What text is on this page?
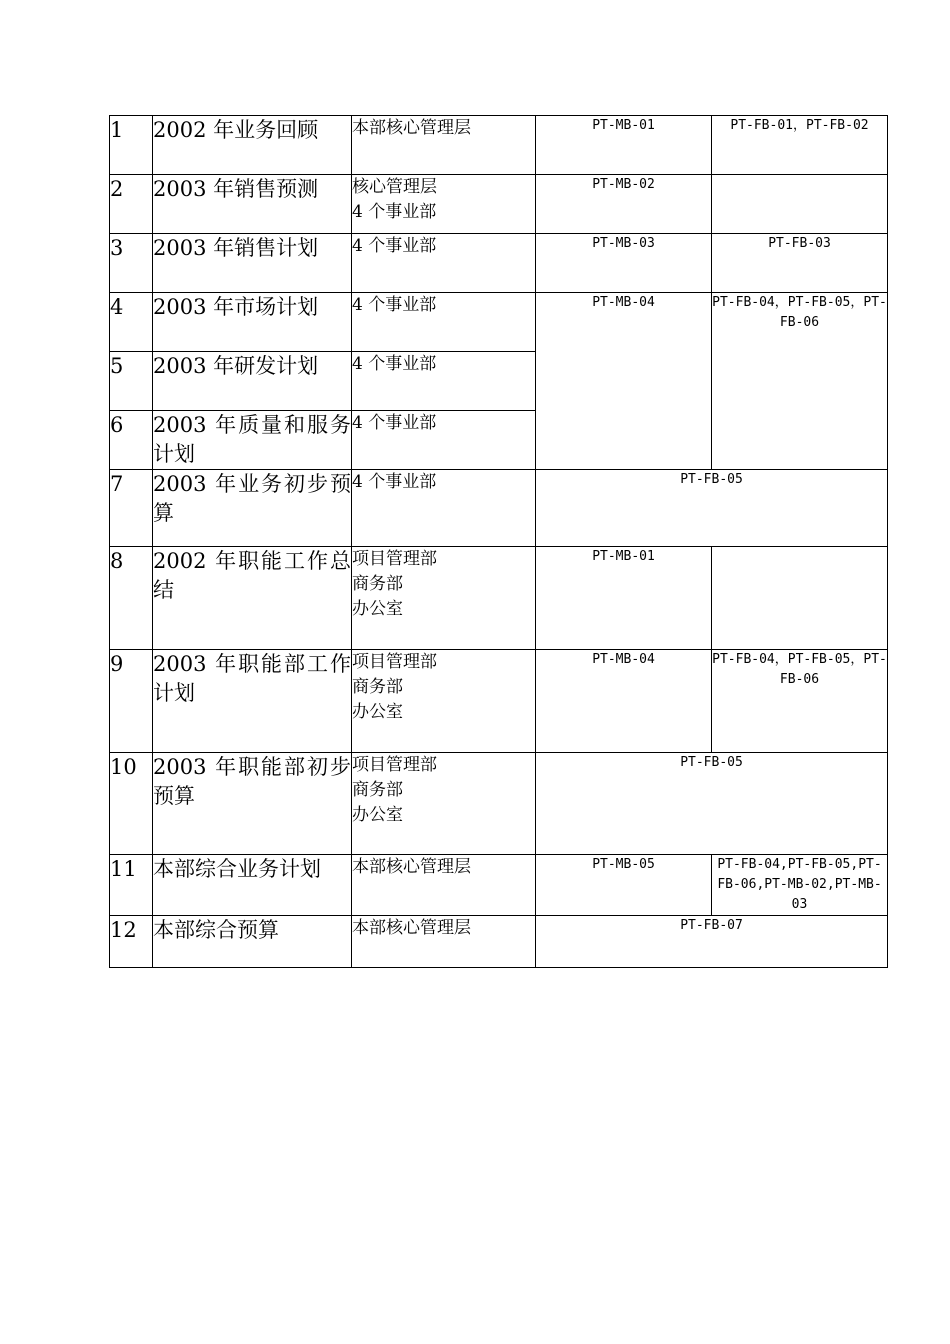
1	2002 年业务回顾	本部核心管理层	PT-MB-01	PT-FB-01，PT-FB-02
2	2003 年销售预测	核心管理层
4 个事业部	PT-MB-02	
3	2003 年销售计划	4 个事业部	PT-MB-03	PT-FB-03
4	2003 年市场计划	4 个事业部	PT-MB-04	PT-FB-04，PT-FB-05，PT-FB-06
5	2003 年研发计划	4 个事业部		

6	2003 年质量和服务计划	4 个事业部		

7	2003 年业务初步预算	4 个事业部	PT-FB-05	
8	2002 年职能工作总结	项目管理部
商务部
办公室	PT-MB-01	
9	2003 年职能部工作计划	项目管理部
商务部
办公室	PT-MB-04	PT-FB-04，PT-FB-05，PT-FB-06
10	2003 年职能部初步预算	项目管理部
商务部
办公室	PT-FB-05	
11	本部综合业务计划	本部核心管理层	PT-MB-05	PT-FB-04,PT-FB-05,PT-FB-06,PT-MB-02,PT-MB-03
12	本部综合预算	本部核心管理层	PT-FB-07	
